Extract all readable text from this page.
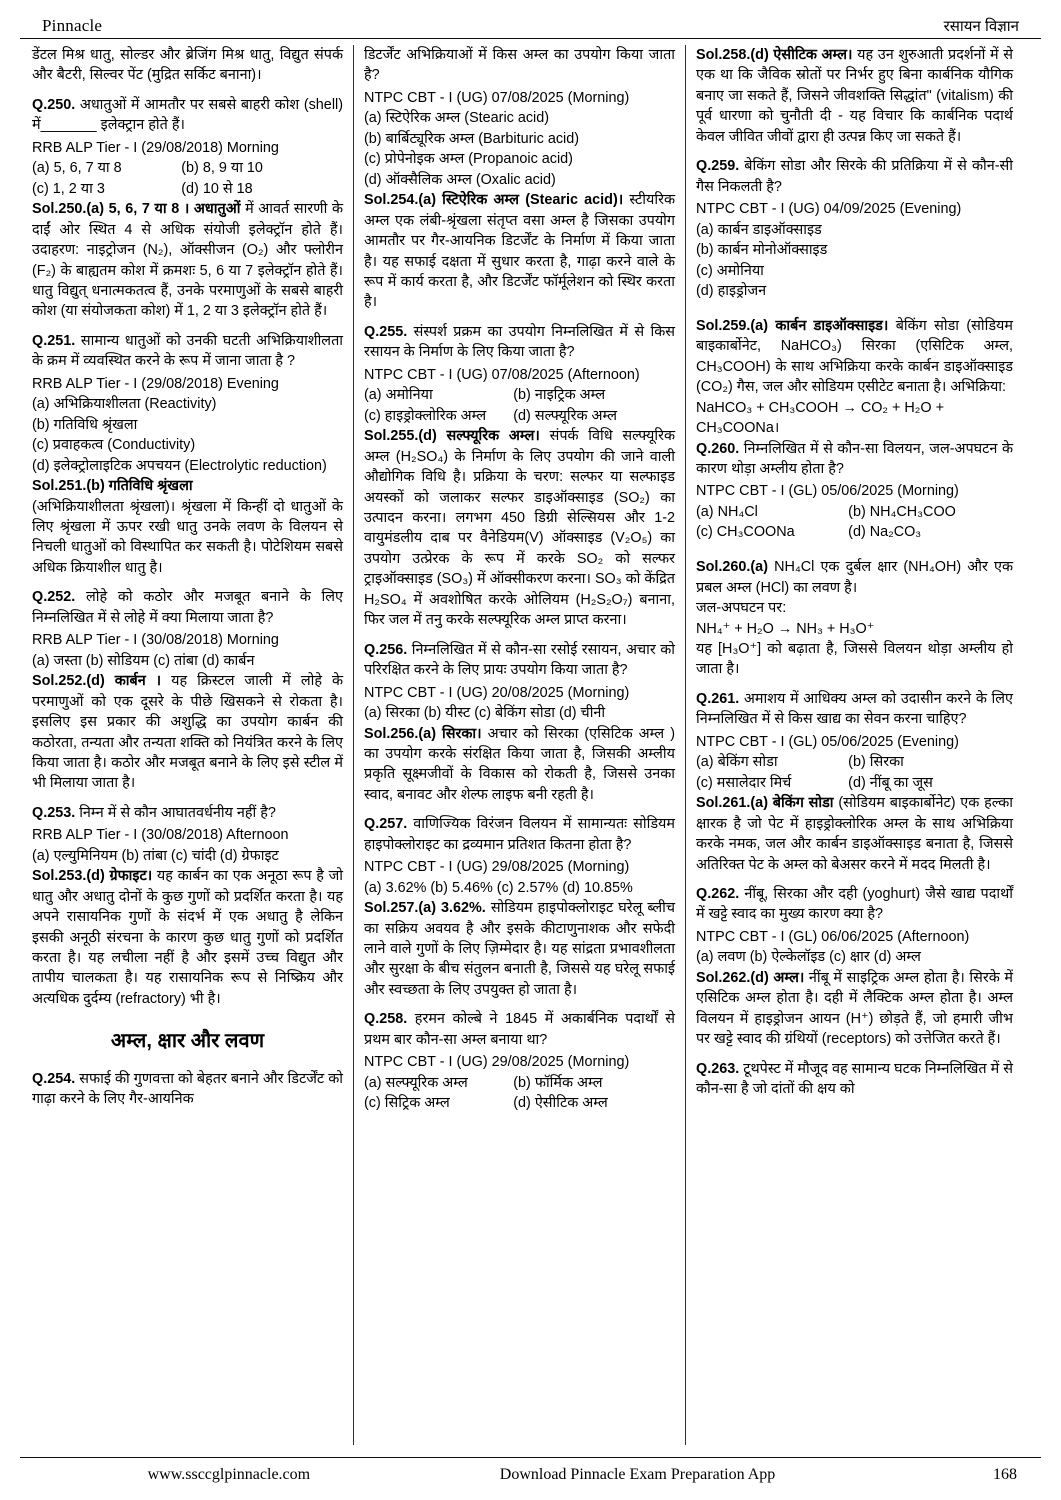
Pinnacle	रसायन विज्ञान

डेंटल मिश्र धातु, सोल्डर और ब्रेजिंग मिश्र धातु, विद्युत संपर्क और बैटरी, सिल्वर पेंट (मुद्रित सर्किट बनाना)।

Q.250. अधातुओं में आमतौर पर सबसे बाहरी कोश (shell) में_______ इलेक्ट्रान होते हैं।

RRB ALP Tier - I (29/08/2018) Morning

(a) 5, 6, 7 या 8	(b) 8, 9 या 10
(c) 1, 2 या 3	(d) 10 से 18

Sol.250.(a) 5, 6, 7 या 8 । अधातुओं में आवर्त सारणी के दाईं ओर स्थित 4 से अधिक संयोजी इलेक्ट्रॉन होते हैं। उदाहरण: नाइट्रोजन (N₂), ऑक्सीजन (O₂) और फ्लोरीन (F₂) के बाह्यतम कोश में क्रमशः 5, 6 या 7 इलेक्ट्रॉन होते हैं। धातु विद्युत् धनात्मकतत्व हैं, उनके परमाणुओं के सबसे बाहरी कोश (या संयोजकता कोश) में 1, 2 या 3 इलेक्ट्रॉन होते हैं।

Q.251. सामान्य धातुओं को उनकी घटती अभिक्रियाशीलता के क्रम में व्यवस्थित करने के रूप में जाना जाता है ?

RRB ALP Tier - I (29/08/2018) Evening

(a) अभिक्रियाशीलता (Reactivity)

(b) गतिविधि श्रृंखला

(c) प्रवाहकत्व (Conductivity)

(d) इलेक्ट्रोलाइटिक अपचयन (Electrolytic reduction)

Sol.251.(b) गतिविधि श्रृंखला

(अभिक्रियाशीलता श्रृंखला)। श्रृंखला में किन्हीं दो धातुओं के लिए श्रृंखला में ऊपर रखी धातु उनके लवण के विलयन से निचली धातुओं को विस्थापित कर सकती है। पोटेशियम सबसे अधिक क्रियाशील धातु है।

Q.252. लोहे को कठोर और मजबूत बनाने के लिए निम्नलिखित में से लोहे में क्या मिलाया जाता है?

RRB ALP Tier - I (30/08/2018) Morning

(a) जस्ता (b) सोडियम (c) तांबा (d) कार्बन

Sol.252.(d) कार्बन । यह क्रिस्टल जाली में लोहे के परमाणुओं को एक दूसरे के पीछे खिसकने से रोकता है। इसलिए इस प्रकार की अशुद्धि का उपयोग कार्बन की कठोरता, तन्यता और तन्यता शक्ति को नियंत्रित करने के लिए किया जाता है। कठोर और मजबूत बनाने के लिए इसे स्टील में भी मिलाया जाता है।

Q.253. निम्न में से कौन आघातवर्धनीय नहीं है?

RRB ALP Tier - I (30/08/2018) Afternoon

(a) एल्युमिनियम (b) तांबा (c) चांदी (d) ग्रेफाइट

Sol.253.(d) ग्रेफाइट। यह कार्बन का एक अनूठा रूप है जो धातु और अधातु दोनों के कुछ गुणों को प्रदर्शित करता है। यह अपने रासायनिक गुणों के संदर्भ में एक अधातु है लेकिन इसकी अनूठी संरचना के कारण कुछ धातु गुणों को प्रदर्शित करता है। यह लचीला नहीं है और इसमें उच्च विद्युत और तापीय चालकता है। यह रासायनिक रूप से निष्क्रिय और अत्यधिक दुर्दम्य (refractory) भी है।

अम्ल, क्षार और लवण

Q.254. सफाई की गुणवत्ता को बेहतर बनाने और डिटर्जेंट को गाढ़ा करने के लिए गैर-आयनिक

डिटर्जेंट अभिक्रियाओं में किस अम्ल का उपयोग किया जाता है?

NTPC CBT - I (UG) 07/08/2025 (Morning)

(a) स्टिऐरिक अम्ल (Stearic acid)

(b) बार्बिट्यूरिक अम्ल (Barbituric acid)

(c) प्रोपेनोइक अम्ल (Propanoic acid)

(d) ऑक्सैलिक अम्ल (Oxalic acid)

Sol.254.(a) स्टिऐरिक अम्ल (Stearic acid)। स्टीयरिक अम्ल एक लंबी-श्रृंखला संतृप्त वसा अम्ल है जिसका उपयोग आमतौर पर गैर-आयनिक डिटर्जेंट के निर्माण में किया जाता है। यह सफाई दक्षता में सुधार करता है, गाढ़ा करने वाले के रूप में कार्य करता है, और डिटर्जेंट फॉर्मूलेशन को स्थिर करता है।

Q.255. संस्पर्श प्रक्रम का उपयोग निम्नलिखित में से किस रसायन के निर्माण के लिए किया जाता है?

NTPC CBT - I (UG) 07/08/2025 (Afternoon)

(a) अमोनिया	(b) नाइट्रिक अम्ल
(c) हाइड्रोक्लोरिक अम्ल	(d) सल्फ्यूरिक अम्ल

Sol.255.(d) सल्फ्यूरिक अम्ल। संपर्क विधि सल्फ्यूरिक अम्ल (H₂SO₄) के निर्माण के लिए उपयोग की जाने वाली औद्योगिक विधि है। प्रक्रिया के चरण: सल्फर या सल्फाइड अयस्कों को जलाकर सल्फर डाइऑक्साइड (SO₂) का उत्पादन करना। लगभग 450 डिग्री सेल्सियस और 1-2 वायुमंडलीय दाब पर वैनेडियम(V) ऑक्साइड (V₂O₅) का उपयोग उत्प्रेरक के रूप में करके SO₂ को सल्फर ट्राइऑक्साइड (SO₃) में ऑक्सीकरण करना। SO₃ को केंद्रित H₂SO₄ में अवशोषित करके ओलियम (H₂S₂O₇) बनाना, फिर जल में तनु करके सल्फ्यूरिक अम्ल प्राप्त करना।

Q.256. निम्नलिखित में से कौन-सा रसोई रसायन, अचार को परिरक्षित करने के लिए प्रायः उपयोग किया जाता है?

NTPC CBT - I (UG) 20/08/2025 (Morning)

(a) सिरका (b) यीस्ट (c) बेकिंग सोडा (d) चीनी

Sol.256.(a) सिरका। अचार को सिरका (एसिटिक अम्ल ) का उपयोग करके संरक्षित किया जाता है, जिसकी अम्लीय प्रकृति सूक्ष्मजीवों के विकास को रोकती है, जिससे उनका स्वाद, बनावट और शेल्फ लाइफ बनी रहती है।

Q.257. वाणिज्यिक विरंजन विलयन में सामान्यतः सोडियम हाइपोक्लोराइट का द्रव्यमान प्रतिशत कितना होता है?

NTPC CBT - I (UG) 29/08/2025 (Morning)

(a) 3.62% (b) 5.46% (c) 2.57% (d) 10.85%

Sol.257.(a) 3.62%. सोडियम हाइपोक्लोराइट घरेलू ब्लीच का सक्रिय अवयव है और इसके कीटाणुनाशक और सफेदी लाने वाले गुणों के लिए ज़िम्मेदार है। यह सांद्रता प्रभावशीलता और सुरक्षा के बीच संतुलन बनाती है, जिससे यह घरेलू सफाई और स्वच्छता के लिए उपयुक्त हो जाता है।

Q.258. हरमन कोल्बे ने 1845 में अकार्बनिक पदार्थों से प्रथम बार कौन-सा अम्ल बनाया था?

NTPC CBT - I (UG) 29/08/2025 (Morning)

(a) सल्फ्यूरिक अम्ल	(b) फॉर्मिक अम्ल
(c) सिट्रिक अम्ल	(d) ऐसीटिक अम्ल

Sol.258.(d) ऐसीटिक अम्ल। यह उन शुरुआती प्रदर्शनों में से एक था कि जैविक स्रोतों पर निर्भर हुए बिना कार्बनिक यौगिक बनाए जा सकते हैं, जिसने जीवशक्ति सिद्धांत" (vitalism) की पूर्व धारणा को चुनौती दी - यह विचार कि कार्बनिक पदार्थ केवल जीवित जीवों द्वारा ही उत्पन्न किए जा सकते हैं।

Q.259. बेकिंग सोडा और सिरके की प्रतिक्रिया में से कौन-सी गैस निकलती है?

NTPC CBT - I (UG) 04/09/2025 (Evening)

(a) कार्बन डाइऑक्साइड

(b) कार्बन मोनोऑक्साइड

(c) अमोनिया

(d) हाइड्रोजन

Sol.259.(a) कार्बन डाइऑक्साइड। बेकिंग सोडा (सोडियम बाइकार्बोनेट, NaHCO₃) सिरका (एसिटिक अम्ल, CH₃COOH) के साथ अभिक्रिया करके कार्बन डाइऑक्साइड (CO₂) गैस, जल और सोडियम एसीटेट बनाता है। अभिक्रिया:

NaHCO₃ + CH₃COOH → CO₂ + H₂O + CH₃COONa।

Q.260. निम्नलिखित में से कौन-सा विलयन, जल-अपघटन के कारण थोड़ा अम्लीय होता है?

NTPC CBT - I (GL) 05/06/2025 (Morning)

(a) NH₄Cl	(b) NH₄CH₃COO
(c) CH₃COONa	(d) Na₂CO₃

Sol.260.(a) NH₄Cl एक दुर्बल क्षार (NH₄OH) और एक प्रबल अम्ल (HCl) का लवण है।

जल-अपघटन पर:

NH₄⁺ + H₂O → NH₃ + H₃O⁺

यह [H₃O⁺] को बढ़ाता है, जिससे विलयन थोड़ा अम्लीय हो जाता है।

Q.261. अमाशय में आधिक्य अम्ल को उदासीन करने के लिए निम्नलिखित में से किस खाद्य का सेवन करना चाहिए?

NTPC CBT - I (GL) 05/06/2025 (Evening)

(a) बेकिंग सोडा	(b) सिरका
(c) मसालेदार मिर्च	(d) नींबू का जूस

Sol.261.(a) बेकिंग सोडा (सोडियम बाइकार्बोनेट) एक हल्का क्षारक है जो पेट में हाइड्रोक्लोरिक अम्ल के साथ अभिक्रिया करके नमक, जल और कार्बन डाइऑक्साइड बनाता है, जिससे अतिरिक्त पेट के अम्ल को बेअसर करने में मदद मिलती है।

Q.262. नींबू, सिरका और दही (yoghurt) जैसे खाद्य पदार्थों में खट्टे स्वाद का मुख्य कारण क्या है?

NTPC CBT - I (GL) 06/06/2025 (Afternoon)

(a) लवण (b) ऐल्केलॉइड (c) क्षार (d) अम्ल

Sol.262.(d) अम्ल। नींबू में साइट्रिक अम्ल होता है। सिरके में एसिटिक अम्ल होता है। दही में लैक्टिक अम्ल होता है। अम्ल विलयन में हाइड्रोजन आयन (H⁺) छोड़ते हैं, जो हमारी जीभ पर खट्टे स्वाद की ग्रंथियों (receptors) को उत्तेजित करते हैं।

Q.263. टूथपेस्ट में मौजूद वह सामान्य घटक निम्नलिखित में से कौन-सा है जो दांतों की क्षय को

www.ssccglpinnacle.com	Download Pinnacle Exam Preparation App	168
